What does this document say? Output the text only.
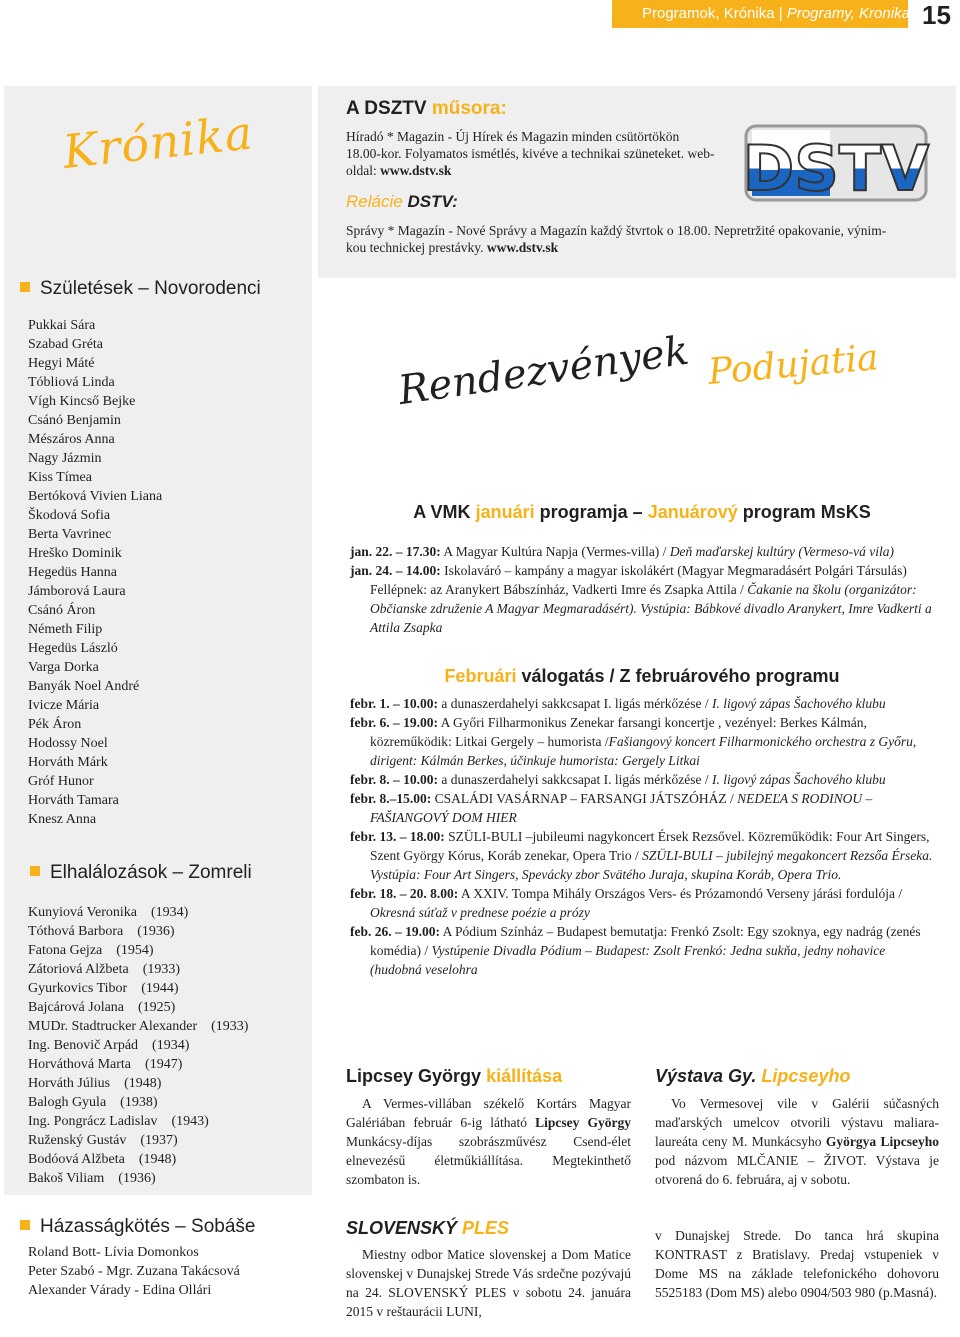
Programok, Krónika | Programy, Kronika 15
Krónika
Születések – Novorodenci
Pukkai Sára
Szabad Gréta
Hegyi Máté
Tóbliová Linda
Vígh Kincső Bejke
Csánó Benjamin
Mészáros Anna
Nagy Jázmin
Kiss Tímea
Bertóková Vivien Liana
Škodová Sofia
Berta Vavrinec
Hreško Dominik
Hegedüs Hanna
Jámborová Laura
Csánó Áron
Németh Filip
Hegedüs László
Varga Dorka
Banyák Noel André
Ivicze Mária
Pék Áron
Hodossy Noel
Horváth Márk
Gróf Hunor
Horváth Tamara
Knesz Anna
Elhalálozások – Zomreli
Kunyiová Veronika (1934)
Tóthová Barbora (1936)
Fatona Gejza (1954)
Zátoriová Alžbeta (1933)
Gyurkovics Tibor (1944)
Bajcárová Jolana (1925)
MUDr. Stadtrucker Alexander (1933)
Ing. Benovič Arpád (1934)
Horváthová Marta (1947)
Horváth Július (1948)
Balogh Gyula (1938)
Ing. Pongrácz Ladislav (1943)
Ruženský Gustáv (1937)
Bodóová Alžbeta (1948)
Bakoš Viliam (1936)
Házasságkötés – Sobáše
Roland Bott- Lívia Domonkos
Peter Szabó - Mgr. Zuzana Takácsová
Alexander Várady - Edina Ollári
A DSZTV műsora:
Híradó * Magazin - Új Hírek és Magazin minden csütörtökön
18.00-kor. Folyamatos ismétlés, kivéve a technikai szüneteket. web-
oldal: www.dstv.sk	DSTV
Relácie DSTV:
Správy * Magazín - Nové Správy a Magazín každý štvrtok o 18.00. Nepretržité opakovanie, výnim-
kou technickej prestávky. www.dstv.sk
Rendezvények Podujatia
A VMK januári programja – Januárový program MsKS
jan. 22. – 17.30: A Magyar Kultúra Napja (Vermes-villa) / Deň maďarskej kultúry (Vermeso-vá vila)
jan. 24. – 14.00: Iskolaváró – kampány a magyar iskolákért (Magyar Megmaradásért Polgári Társulás) Fellépnek: az Aranykert Bábszínház, Vadkerti Imre és Zsapka Attila / Čakanie na školu (organizátor: Občianske združenie A Magyar Megmaradásért). Vystúpia: Bábkové divadlo Aranykert, Imre Vadkerti a Attila Zsapka
Februári válogatás / Z februárového programu
febr. 1. – 10.00: a dunaszerdahelyi sakkcsapat I. ligás mérkőzése / I. ligový zápas Šachového klubu
febr. 6. – 19.00: A Győri Filharmonikus Zenekar farsangi koncertje , vezényel: Berkes Kálmán, közreműködik: Litkai Gergely – humorista /Fašiangový koncert Filharmonického orchestra z Győru, dirigent: Kálmán Berkes, účinkuje humorista: Gergely Litkai
febr. 8. – 10.00: a dunaszerdahelyi sakkcsapat I. ligás mérkőzése / I. ligový zápas Šachového klubu
febr. 8.–15.00: CSALÁDI VASÁRNAP – FARSANGI JÁTSZÓHÁZ / NEDEĽA S RODINOU – FAŠIANGOVÝ DOM HIER
febr. 13. – 18.00: SZÜLI-BULI –jubileumi nagykoncert Érsek Rezsővel. Közreműködik: Four Art Singers, Szent György Kórus, Koráb zenekar, Opera Trio / SZÜLI-BULI – jubilejný megakoncert Rezsőa Érseka. Vystúpia: Four Art Singers, Spevácky zbor Svätého Juraja, skupina Koráb, Opera Trio.
febr. 18. – 20. 8.00: A XXIV. Tompa Mihály Országos Vers- és Prózamondó Verseny járási fordulója / Okresná súťaž v prednese poézie a prózy
feb. 26. – 19.00: A Pódium Színház – Budapest bemutatja: Frenkó Zsolt: Egy szoknya, egy nadrág (zenés komédia) / Vystúpenie Divadla Pódium – Budapest: Zsolt Frenkó: Jedna sukňa, jedny nohavice (hudobná veselohra
Lipcsey György kiállítása
A Vermes-villában székelő Kortárs Magyar Galériában február 6-ig látható Lipcsey György Munkácsy-díjas szobrászművész Csend-élet elnevezésű életműkiállítása. Megtekinthető szombaton is.
Výstava Gy. Lipcseyho
Vo Vermesovej vile v Galérii súčasných maďarských umelcov otvorili výstavu maliara-laureáta ceny M. Munkácsyho Györgya Lipcseyho pod názvom MLČANIE – ŽIVOT. Výstava je otvorená do 6. februára, aj v sobotu.
SLOVENSKÝ PLES
Miestny odbor Matice slovenskej a Dom Matice slovenskej v Dunajskej Strede Vás srdečne pozývajú na 24. SLOVENSKÝ PLES v sobotu 24. januára 2015 v reštaurácii LUNI,
v Dunajskej Strede. Do tanca hrá skupina KONTRAST z Bratislavy. Predaj vstupeniek v Dome MS na základe telefonického dohovoru 5525183 (Dom MS) alebo 0904/503 980 (p.Masná).
